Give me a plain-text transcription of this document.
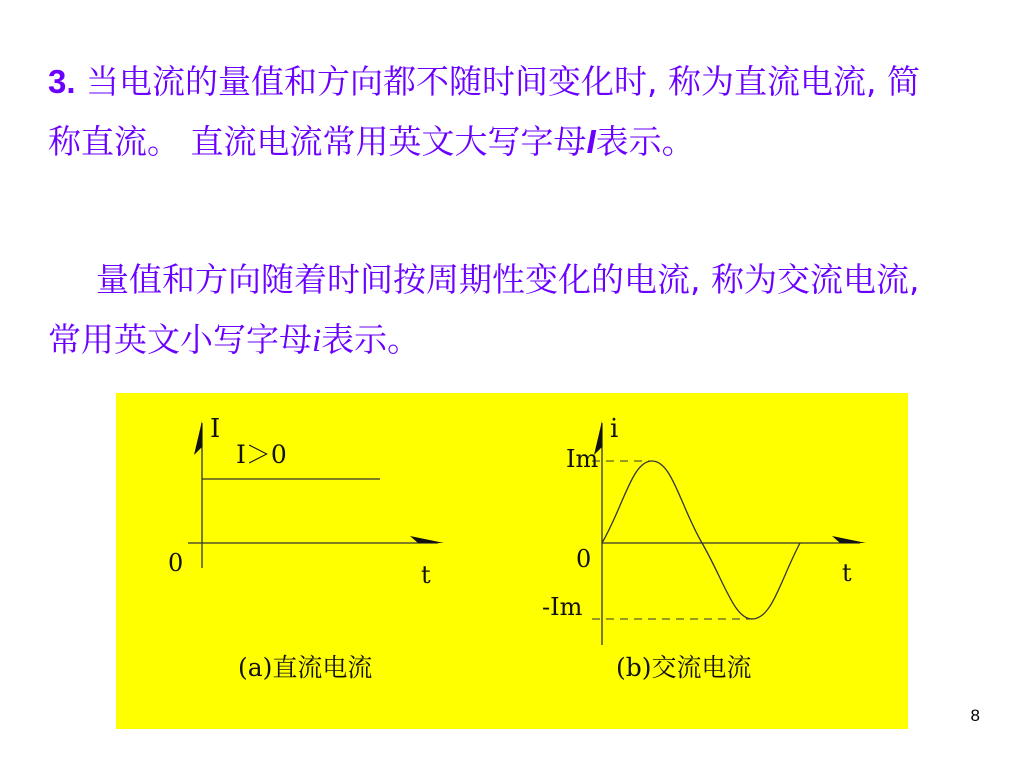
3. 当电流的量值和方向都不随时间变化时, 称为直流电流, 简称直流。 直流电流常用英文大写字母I表示。

量值和方向随着时间按周期性变化的电流, 称为交流电流, 常用英文小写字母i表示。

I
I＞0
0	t
(a)直流电流
i
Im
0
-Im
t
(b)交流电流
8
